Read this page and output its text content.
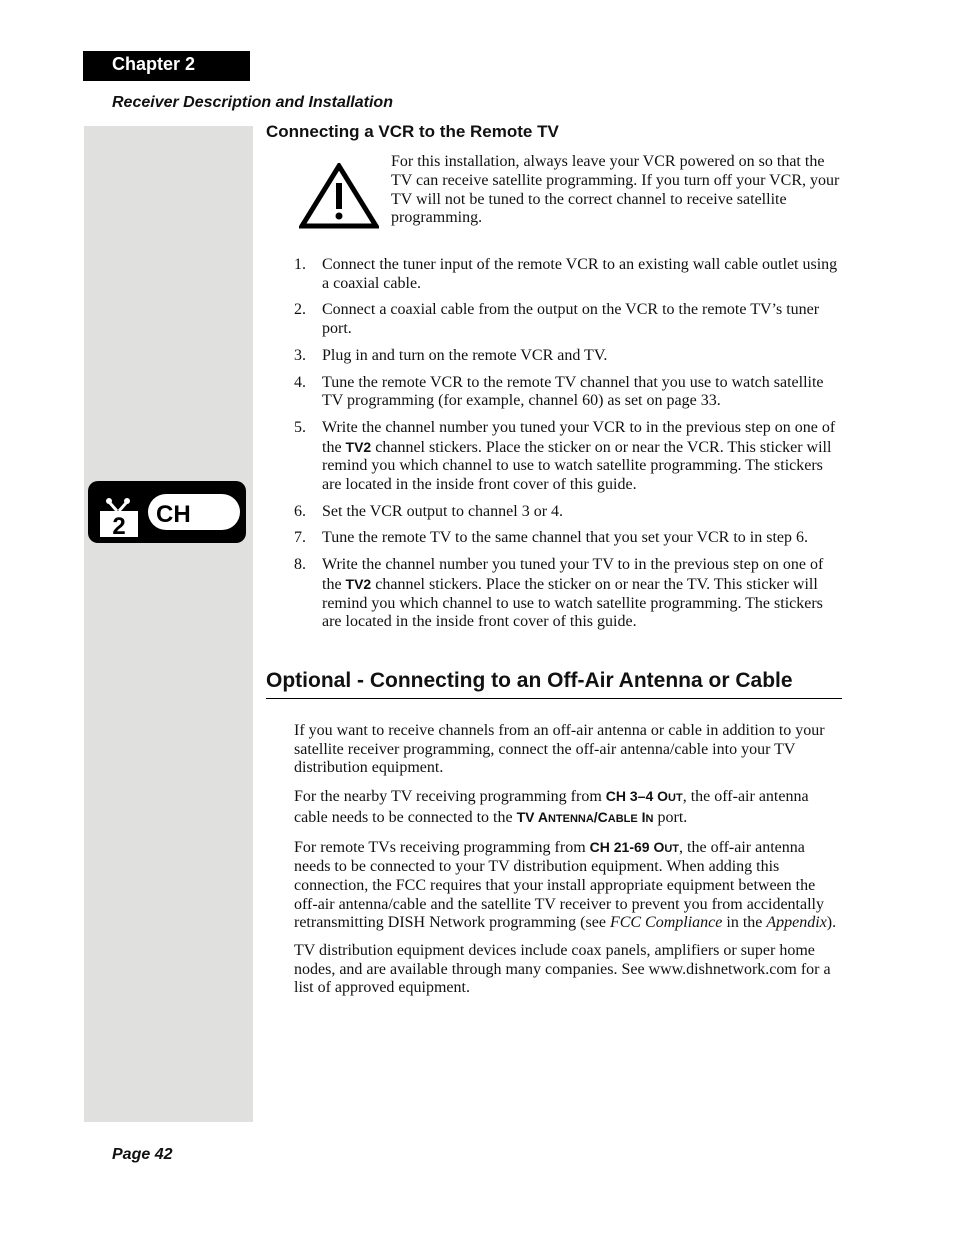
Chapter 2
Receiver Description and Installation
2 CH
Connecting a VCR to the Remote TV
For this installation, always leave your VCR powered on so that the TV can receive satellite programming. If you turn off your VCR, your TV will not be tuned to the correct channel to receive satellite programming.
1. Connect the tuner input of the remote VCR to an existing wall cable outlet using a coaxial cable.
2. Connect a coaxial cable from the output on the VCR to the remote TV’s tuner port.
3. Plug in and turn on the remote VCR and TV.
4. Tune the remote VCR to the remote TV channel that you use to watch satellite TV programming (for example, channel 60) as set on page 33.
5. Write the channel number you tuned your VCR to in the previous step on one of the TV2 channel stickers. Place the sticker on or near the VCR. This sticker will remind you which channel to use to watch satellite programming. The stickers are located in the inside front cover of this guide.
6. Set the VCR output to channel 3 or 4.
7. Tune the remote TV to the same channel that you set your VCR to in step 6.
8. Write the channel number you tuned your TV to in the previous step on one of the TV2 channel stickers. Place the sticker on or near the TV. This sticker will remind you which channel to use to watch satellite programming. The stickers are located in the inside front cover of this guide.
Optional - Connecting to an Off-Air Antenna or Cable

If you want to receive channels from an off-air antenna or cable in addition to your satellite receiver programming, connect the off-air antenna/cable into your TV distribution equipment.

For the nearby TV receiving programming from CH 3–4 OUT, the off-air antenna cable needs to be connected to the TV ANTENNA/CABLE IN port.

For remote TVs receiving programming from CH 21-69 OUT, the off-air antenna needs to be connected to your TV distribution equipment. When adding this connection, the FCC requires that your install appropriate equipment between the off-air antenna/cable and the satellite TV receiver to prevent you from accidentally retransmitting DISH Network programming (see FCC Compliance in the Appendix).

TV distribution equipment devices include coax panels, amplifiers or super home nodes, and are available through many companies. See www.dishnetwork.com for a list of approved equipment.

Page 42
